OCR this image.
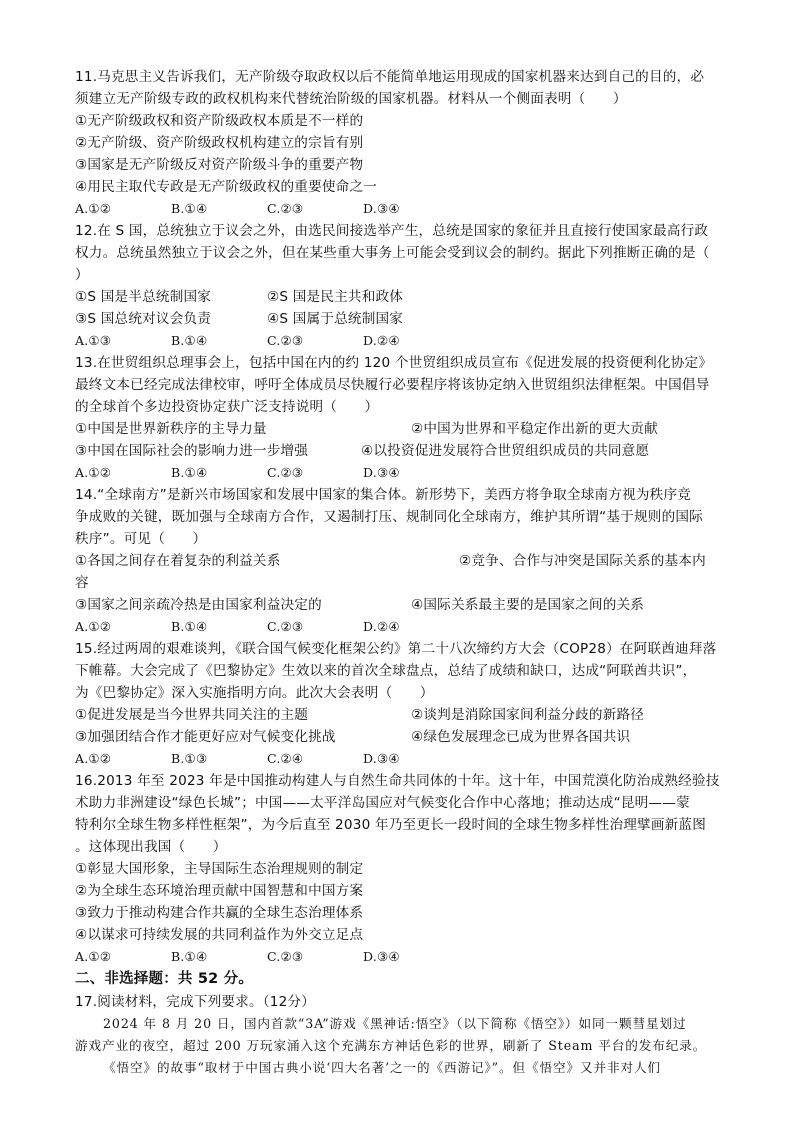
11.马克思主义告诉我们，无产阶级夺取政权以后不能简单地运用现成的国家机器来达到自己的目的，必
须建立无产阶级专政的政权机构来代替统治阶级的国家机器。材料从一个侧面表明（　　）
①无产阶级政权和资产阶级政权本质是不一样的
②无产阶级、资产阶级政权机构建立的宗旨有别
③国家是无产阶级反对资产阶级斗争的重要产物
④用民主取代专政是无产阶级政权的重要使命之一
A.①②	B.①④	C.②③	D.③④
12.在 S 国，总统独立于议会之外，由选民间接选举产生，总统是国家的象征并且直接行使国家最高行政
权力。总统虽然独立于议会之外，但在某些重大事务上可能会受到议会的制约。据此下列推断正确的是（
）
①S 国是半总统制国家	②S 国是民主共和政体
③S 国总统对议会负责	④S 国属于总统制国家
A.①③	B.①④	C.②③	D.②④
13.在世贸组织总理事会上，包括中国在内的约 120 个世贸组织成员宣布《促进发展的投资便利化协定》
最终文本已经完成法律校审，呼吁全体成员尽快履行必要程序将该协定纳入世贸组织法律框架。中国倡导
的全球首个多边投资协定获广泛支持说明（　　）
①中国是世界新秩序的主导力量	②中国为世界和平稳定作出新的更大贡献
③中国在国际社会的影响力进一步增强	④以投资促进发展符合世贸组织成员的共同意愿
A.①②	B.①④	C.②③	D.③④
14.“全球南方”是新兴市场国家和发展中国家的集合体。新形势下，美西方将争取全球南方视为秩序竞
争成败的关键，既加强与全球南方合作，又遏制打压、规制同化全球南方，维护其所谓“基于规则的国际
秩序”。可见（　　）
①各国之间存在着复杂的利益关系	②竞争、合作与冲突是国际关系的基本内
容
③国家之间亲疏冷热是由国家利益决定的	④国际关系最主要的是国家之间的关系
A.①②	B.①④	C.②③	D.②④
15.经过两周的艰难谈判，《联合国气候变化框架公约》第二十八次缔约方大会（COP28）在阿联酋迪拜落
下帷幕。大会完成了《巴黎协定》生效以来的首次全球盘点，总结了成绩和缺口，达成“阿联酋共识”，
为《巴黎协定》深入实施指明方向。此次大会表明（　　）
①促进发展是当今世界共同关注的主题	②谈判是消除国家间利益分歧的新路径
③加强团结合作才能更好应对气候变化挑战	④绿色发展理念已成为世界各国共识
A.①②	B.①③	C.②④	D.③④
16.2013 年至 2023 年是中国推动构建人与自然生命共同体的十年。这十年，中国荒漠化防治成熟经验技
术助力非洲建设“绿色长城”；中国——太平洋岛国应对气候变化合作中心落地；推动达成“昆明——蒙
特利尔全球生物多样性框架”，为今后直至 2030 年乃至更长一段时间的全球生物多样性治理擘画新蓝图
。这体现出我国（　　）
①彰显大国形象，主导国际生态治理规则的制定
②为全球生态环境治理贡献中国智慧和中国方案
③致力于推动构建合作共赢的全球生态治理体系
④以谋求可持续发展的共同利益作为外交立足点
A.①②	B.①④	C.②③	D.③④
二、非选择题：共 52 分。
17.阅读材料，完成下列要求。（12分）
2024 年 8 月 20 日，国内首款“3A”游戏《黑神话:悟空》（以下简称《悟空》）如同一颗彗星划过
游戏产业的夜空，超过 200 万玩家涌入这个充满东方神话色彩的世界，刷新了 Steam 平台的发布纪录。
《悟空》的故事“取材于中国古典小说‘四大名著’之一的《西游记》”。但《悟空》又并非对人们
